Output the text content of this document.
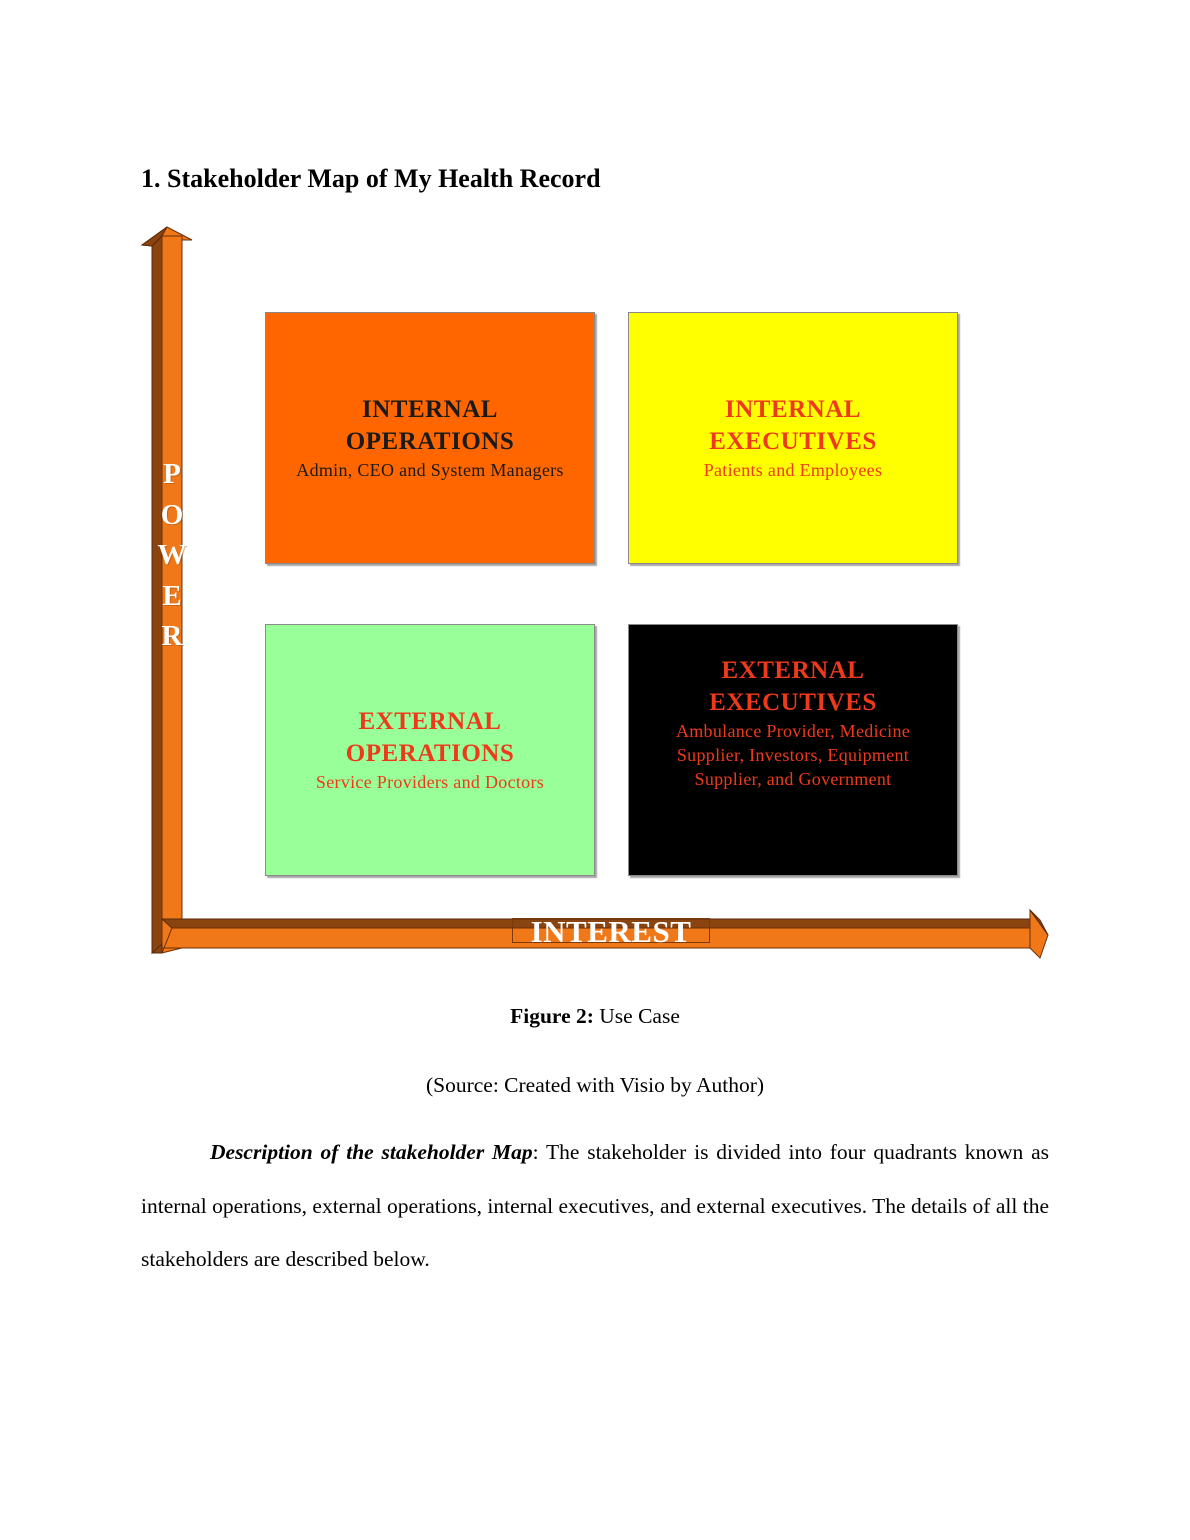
1. Stakeholder Map of My Health Record
P
O
W
E
R
INTEREST
INTERNAL OPERATIONS
Admin, CEO and System Managers
INTERNAL EXECUTIVES
Patients and Employees
EXTERNAL OPERATIONS
Service Providers and Doctors
EXTERNAL EXECUTIVES
Ambulance Provider, Medicine Supplier, Investors, Equipment Supplier, and Government
Figure 2: Use Case
(Source: Created with Visio by Author)

Description of the stakeholder Map: The stakeholder is divided into four quadrants known as internal operations, external operations, internal executives, and external executives. The details of all the stakeholders are described below.
